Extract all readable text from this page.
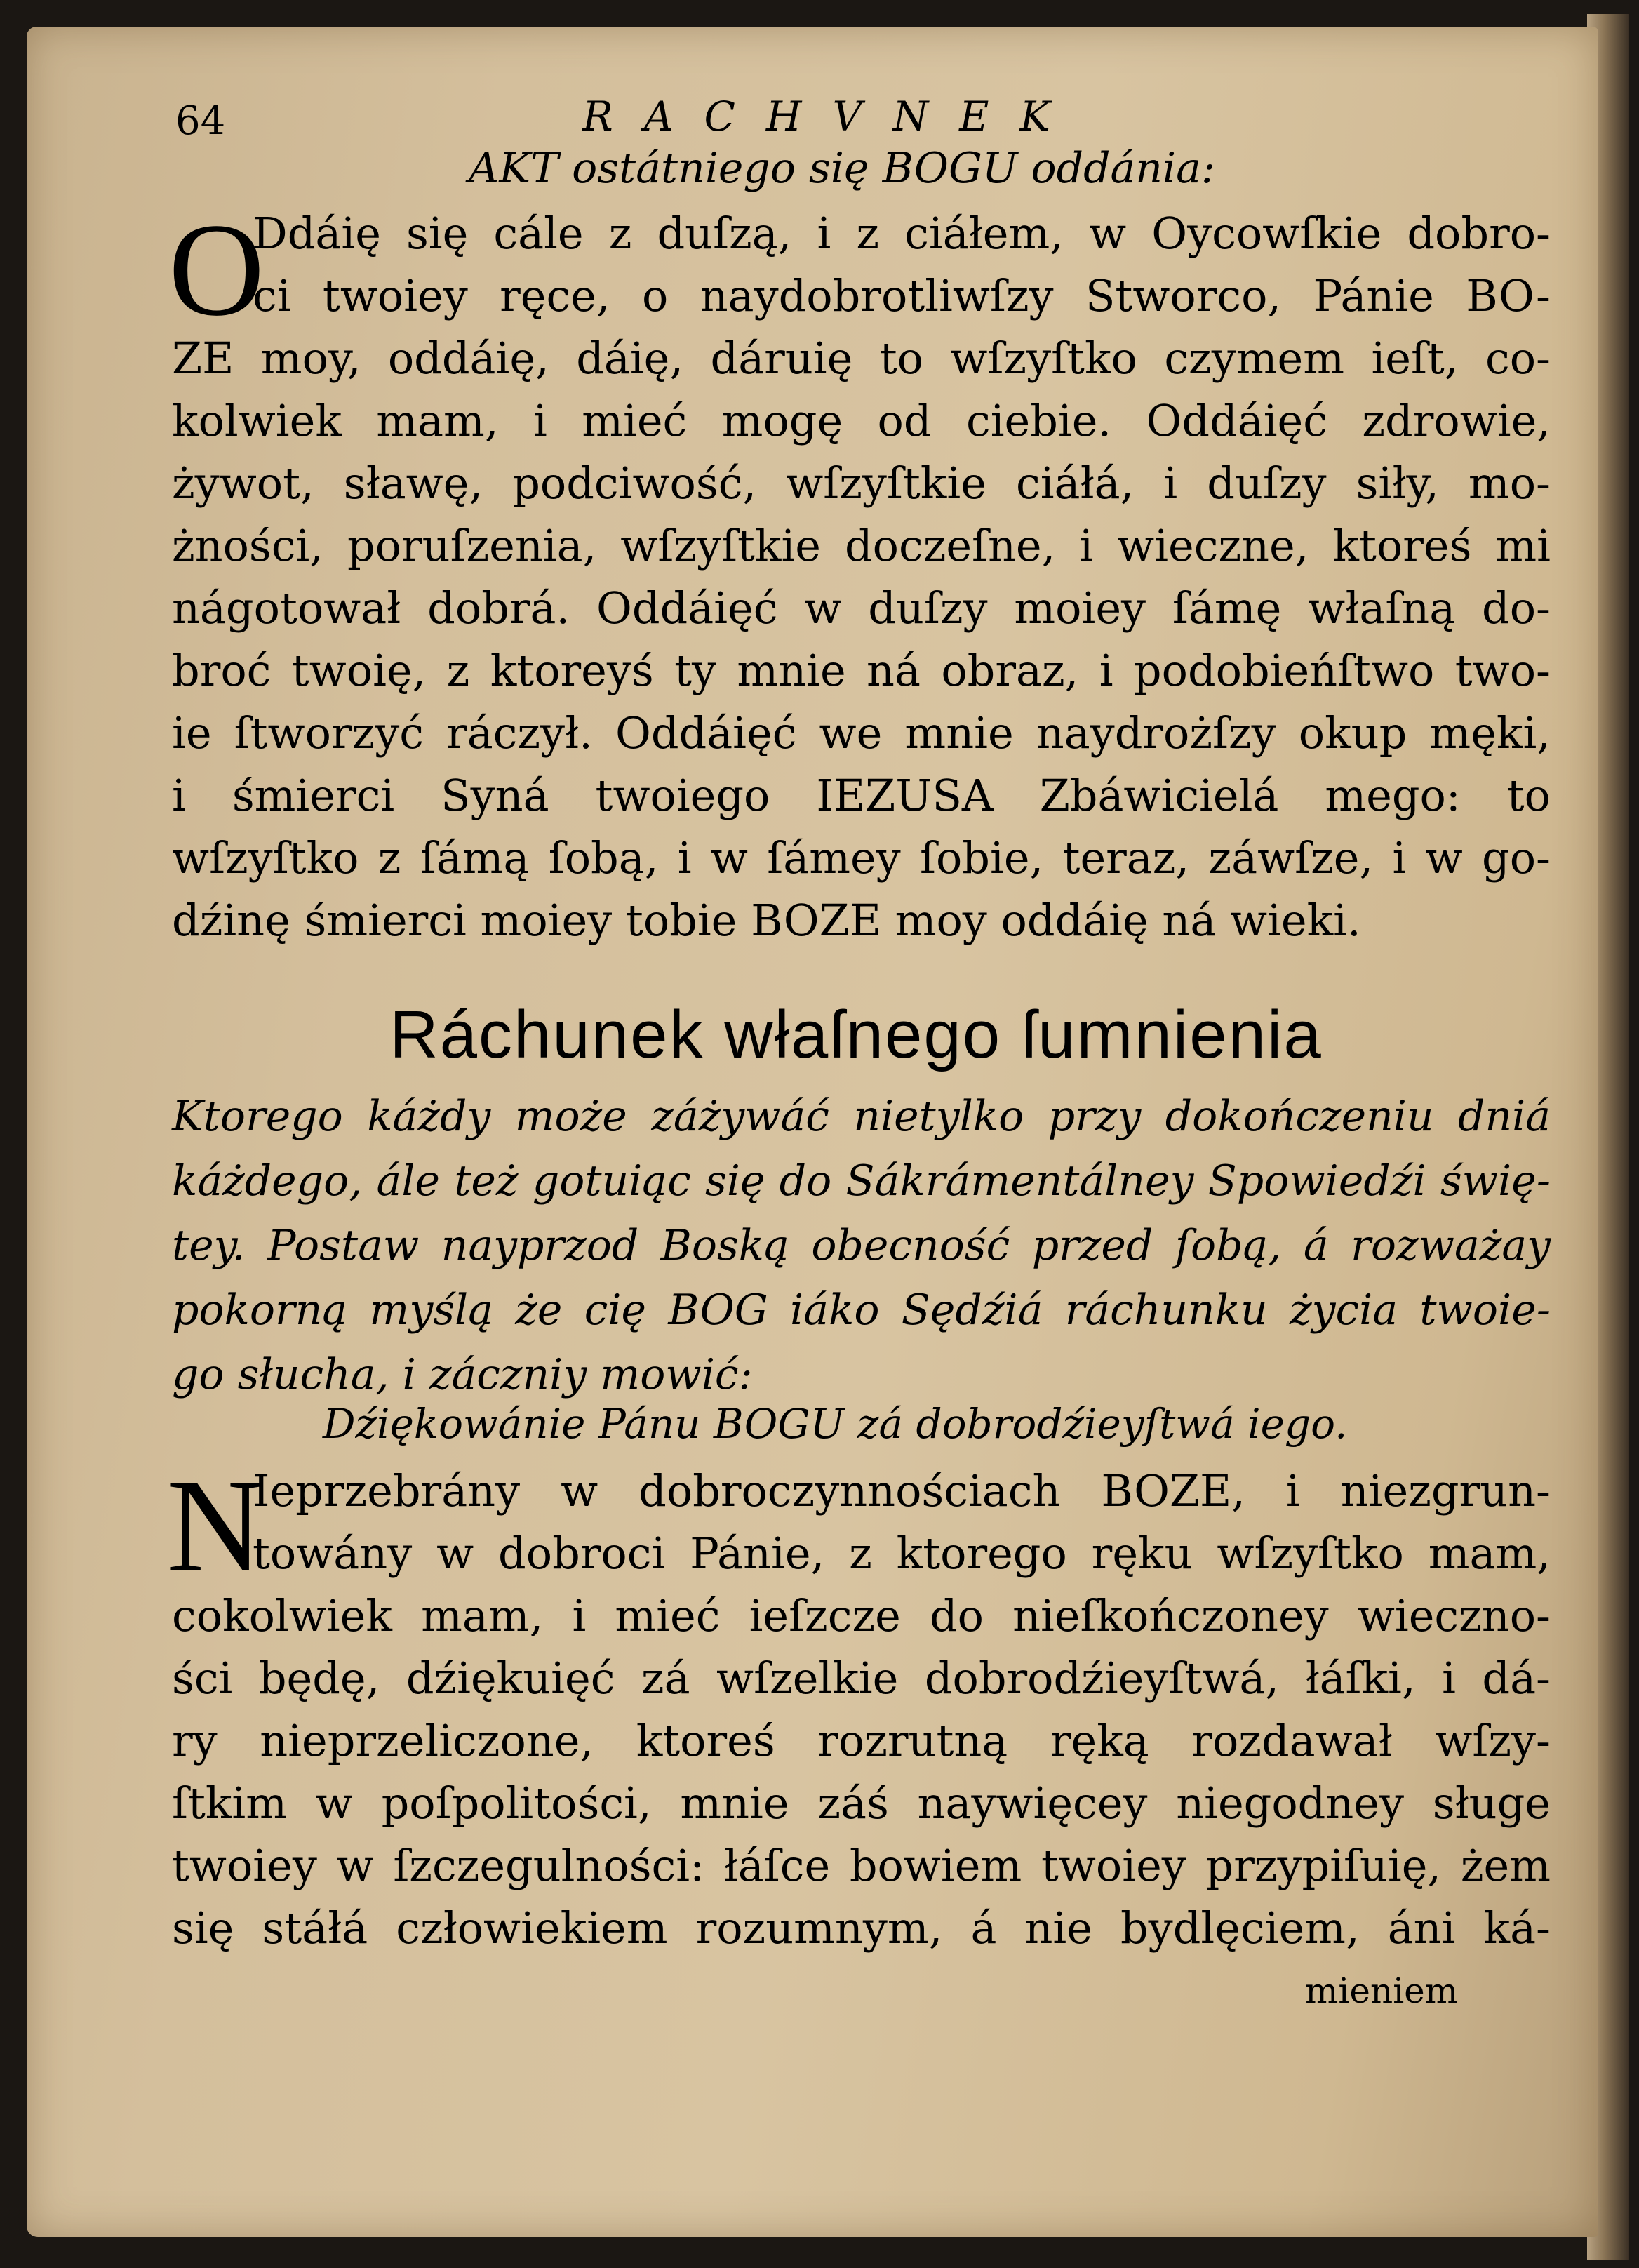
64	RACHVNEK
AKT ostátniego się BOGU oddánia:
O
Ddáię się cále z duſzą, i z ciáłem, w Oycowſkie dobro-
ci twoiey ręce, o naydobrotliwſzy Stworco, Pánie BO-
ZE moy, oddáię, dáię, dáruię to wſzyſtko czymem ieſt, co-
kolwiek mam, i mieć mogę od ciebie. Oddáięć zdrowie,
żywot, sławę, podciwość, wſzyſtkie ciáłá, i duſzy siły, mo-
żności, poruſzenia, wſzyſtkie doczeſne, i wieczne, ktoreś mi
nágotował dobrá. Oddáięć w duſzy moiey ſámę właſną do-
broć twoię, z ktoreyś ty mnie ná obraz, i podobieńſtwo two-
ie ſtworzyć ráczył. Oddáięć we mnie naydrożſzy okup męki,
i śmierci Syná twoiego IEZUSA Zbáwicielá mego: to
wſzyſtko z ſámą ſobą, i w ſámey ſobie, teraz, záwſze, i w go-
dźinę śmierci moiey tobie BOZE moy oddáię ná wieki.
Ráchunek właſnego ſumnienia
Ktorego káżdy może záżywáć nietylko przy dokończeniu dniá
káżdego, ále też gotuiąc się do Sákrámentálney Spowiedźi świę-
tey. Postaw nayprzod Boską obecność przed ſobą, á rozważay
pokorną myślą że cię BOG iáko Sędźiá ráchunku życia twoie-
go słucha, i záczniy mowić:
Dźiękowánie Pánu BOGU zá dobrodźieyſtwá iego.
N
Ieprzebrány w dobroczynnościach BOZE, i niezgrun-
towány w dobroci Pánie, z ktorego ręku wſzyſtko mam,
cokolwiek mam, i mieć ieſzcze do nieſkończoney wieczno-
ści będę, dźiękuięć zá wſzelkie dobrodźieyſtwá, łáſki, i dá-
ry nieprzeliczone, ktoreś rozrutną ręką rozdawał wſzy-
ſtkim w poſpolitości, mnie záś naywięcey niegodney sługe
twoiey w ſzczegulności: łáſce bowiem twoiey przypiſuię, żem
się stáłá człowiekiem rozumnym, á nie bydlęciem, áni ká-
mieniem
